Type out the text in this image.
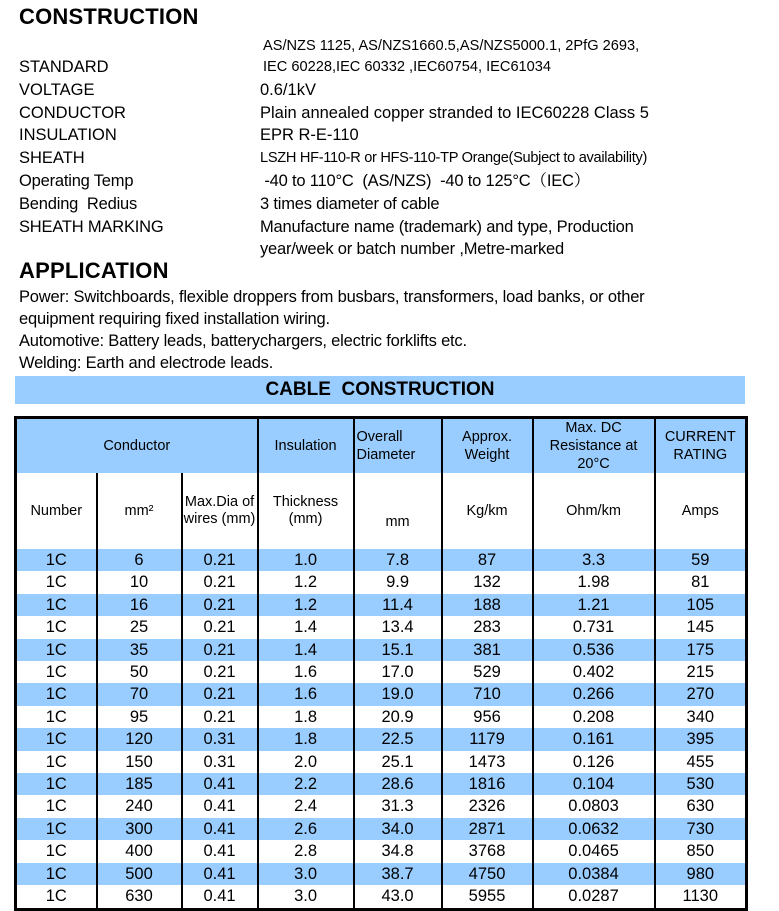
CONSTRUCTION
AS/NZS 1125, AS/NZS1660.5,AS/NZS5000.1, 2PfG 2693,
STANDARD	IEC 60228,IEC 60332 ,IEC60754, IEC61034
VOLTAGE	0.6/1kV
CONDUCTOR	Plain annealed copper stranded to IEC60228 Class 5
INSULATION	EPR R-E-110
SHEATH	LSZH HF-110-R or HFS-110-TP Orange(Subject to availability)
Operating Temp	-40 to 110°C  (AS/NZS)  -40 to 125°C（IEC）
Bending  Redius	3 times diameter of cable
SHEATH MARKING	Manufacture name (trademark) and type, Production
year/week or batch number ,Metre-marked
APPLICATION
Power: Switchboards, flexible droppers from busbars, transformers, load banks, or other
equipment requiring fixed installation wiring.
Automotive: Battery leads, batterychargers, electric forklifts etc.
Welding: Earth and electrode leads.
CABLE  CONSTRUCTION
Conductor			Insulation	Overall Diameter	Approx. Weight	Max. DC Resistance at 20°C	CURRENT RATING
Number	mm²	Max.Dia of wires (mm)	Thickness (mm)	mm	Kg/km	Ohm/km	Amps
1C	6	0.21	1.0	7.8	87	3.3	59
1C	10	0.21	1.2	9.9	132	1.98	81
1C	16	0.21	1.2	11.4	188	1.21	105
1C	25	0.21	1.4	13.4	283	0.731	145
1C	35	0.21	1.4	15.1	381	0.536	175
1C	50	0.21	1.6	17.0	529	0.402	215
1C	70	0.21	1.6	19.0	710	0.266	270
1C	95	0.21	1.8	20.9	956	0.208	340
1C	120	0.31	1.8	22.5	1179	0.161	395
1C	150	0.31	2.0	25.1	1473	0.126	455
1C	185	0.41	2.2	28.6	1816	0.104	530
1C	240	0.41	2.4	31.3	2326	0.0803	630
1C	300	0.41	2.6	34.0	2871	0.0632	730
1C	400	0.41	2.8	34.8	3768	0.0465	850
1C	500	0.41	3.0	38.7	4750	0.0384	980
1C	630	0.41	3.0	43.0	5955	0.0287	1130
